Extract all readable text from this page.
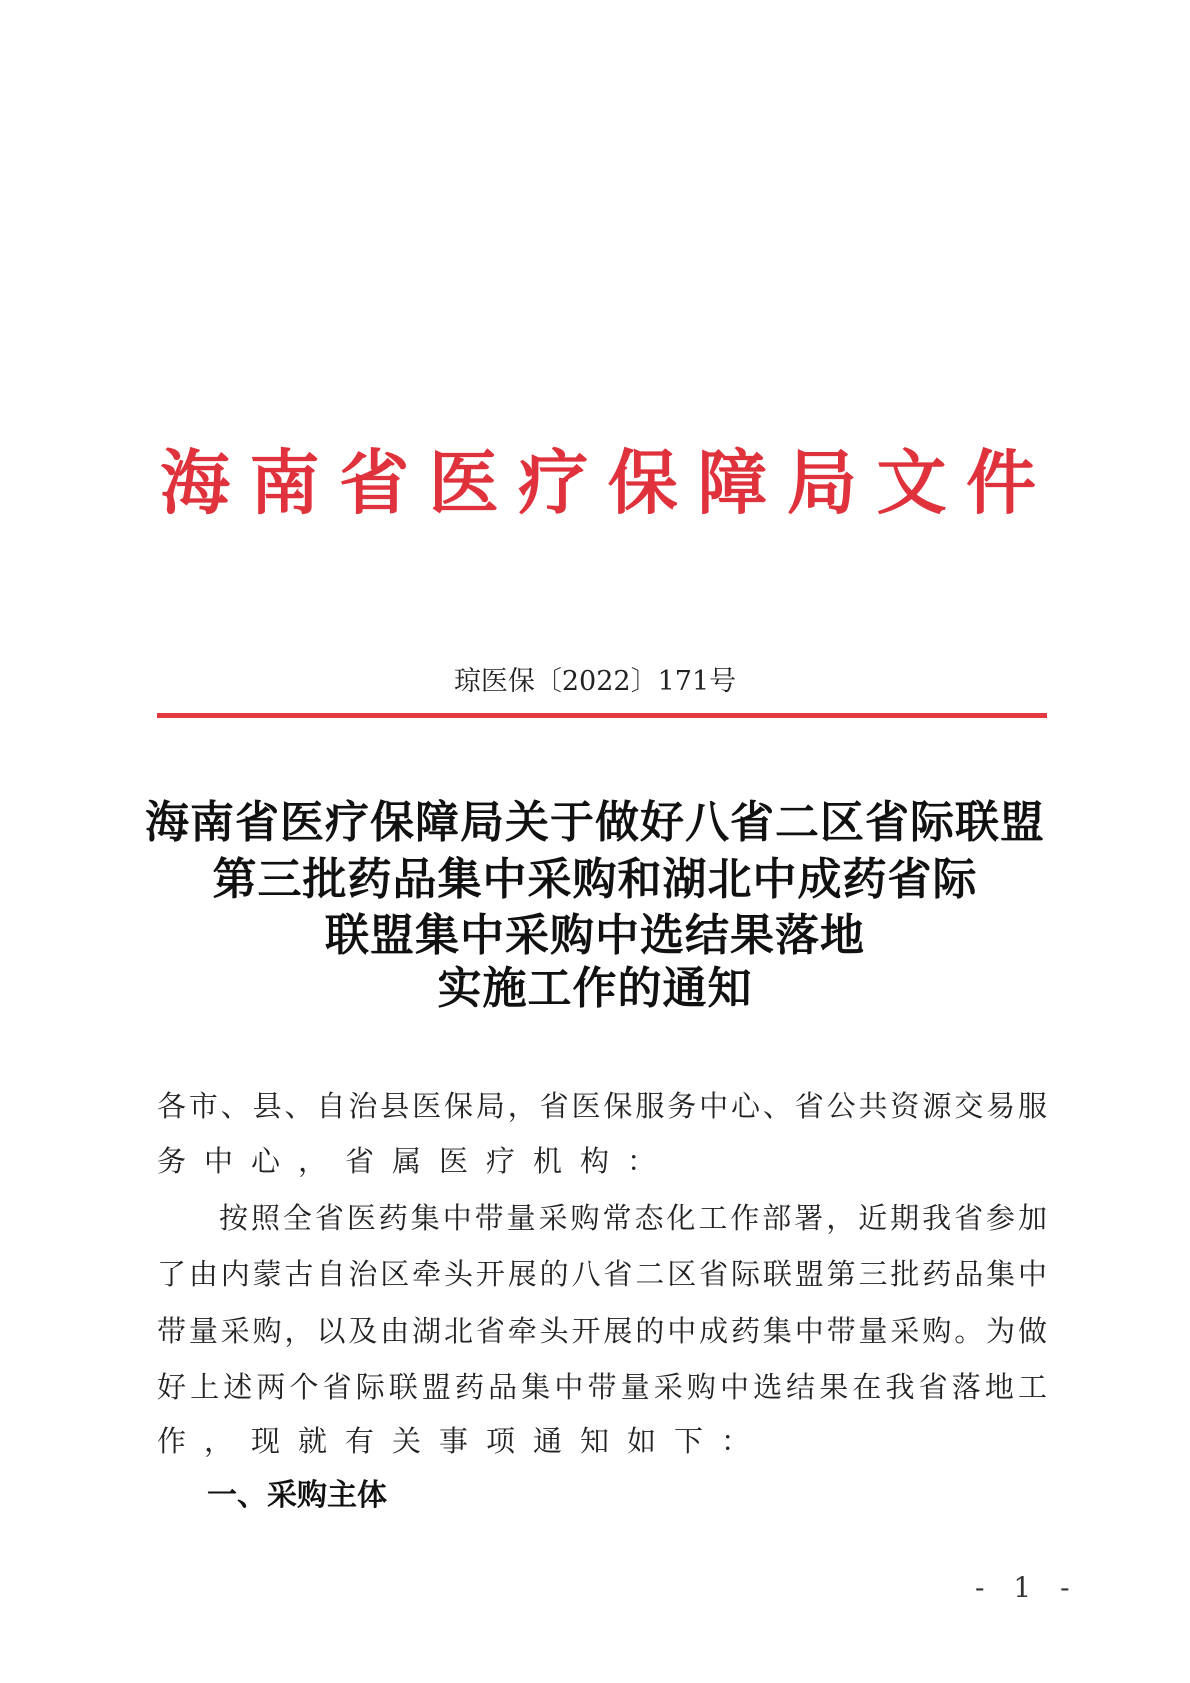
海南省医疗保障局文件
琼医保〔2022〕171号
海南省医疗保障局关于做好八省二区省际联盟
第三批药品集中采购和湖北中成药省际
联盟集中采购中选结果落地
实施工作的通知
各市、县、自治县医保局，省医保服务中心、省公共资源交易服
务中心，省属医疗机构：
按照全省医药集中带量采购常态化工作部署，近期我省参加
了由内蒙古自治区牵头开展的八省二区省际联盟第三批药品集中
带量采购，以及由湖北省牵头开展的中成药集中带量采购。为做
好上述两个省际联盟药品集中带量采购中选结果在我省落地工
作，现就有关事项通知如下：
一、采购主体
- 1 -
